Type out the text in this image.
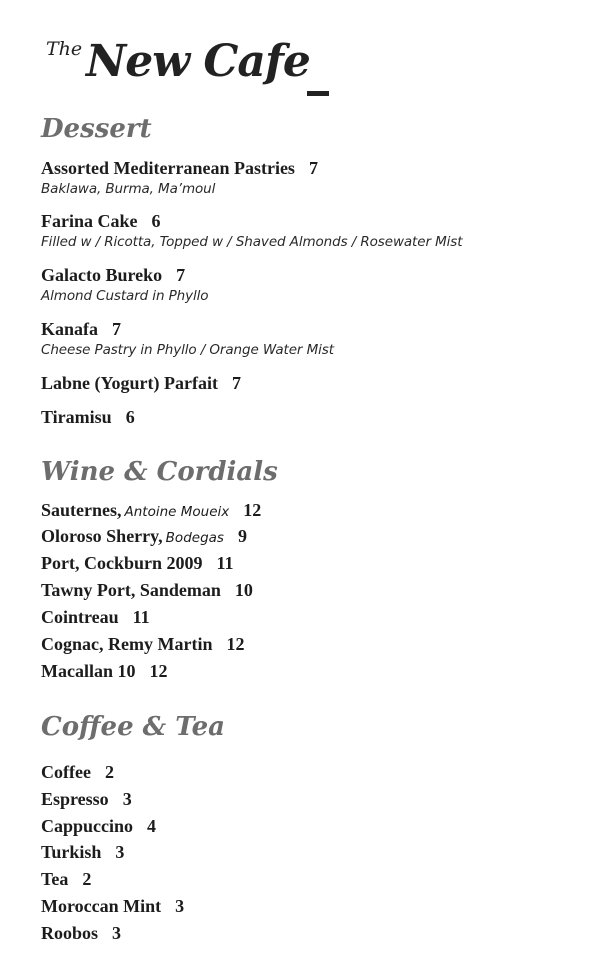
The New Cafe
Dessert
Assorted Mediterranean Pastries 7
Baklawa, Burma, Ma’moul
Farina Cake 6
Filled w / Ricotta, Topped w / Shaved Almonds / Rosewater Mist
Galacto Bureko 7
Almond Custard in Phyllo
Kanafa 7
Cheese Pastry in Phyllo / Orange Water Mist
Labne (Yogurt) Parfait 7
Tiramisu 6
Wine & Cordials
Sauternes, Antoine Moueix 12
Oloroso Sherry, Bodegas 9
Port, Cockburn 2009 11
Tawny Port, Sandeman 10
Cointreau 11
Cognac, Remy Martin 12
Macallan 10 12
Coffee & Tea
Coffee 2
Espresso 3
Cappuccino 4
Turkish 3
Tea 2
Moroccan Mint 3
Roobos 3
